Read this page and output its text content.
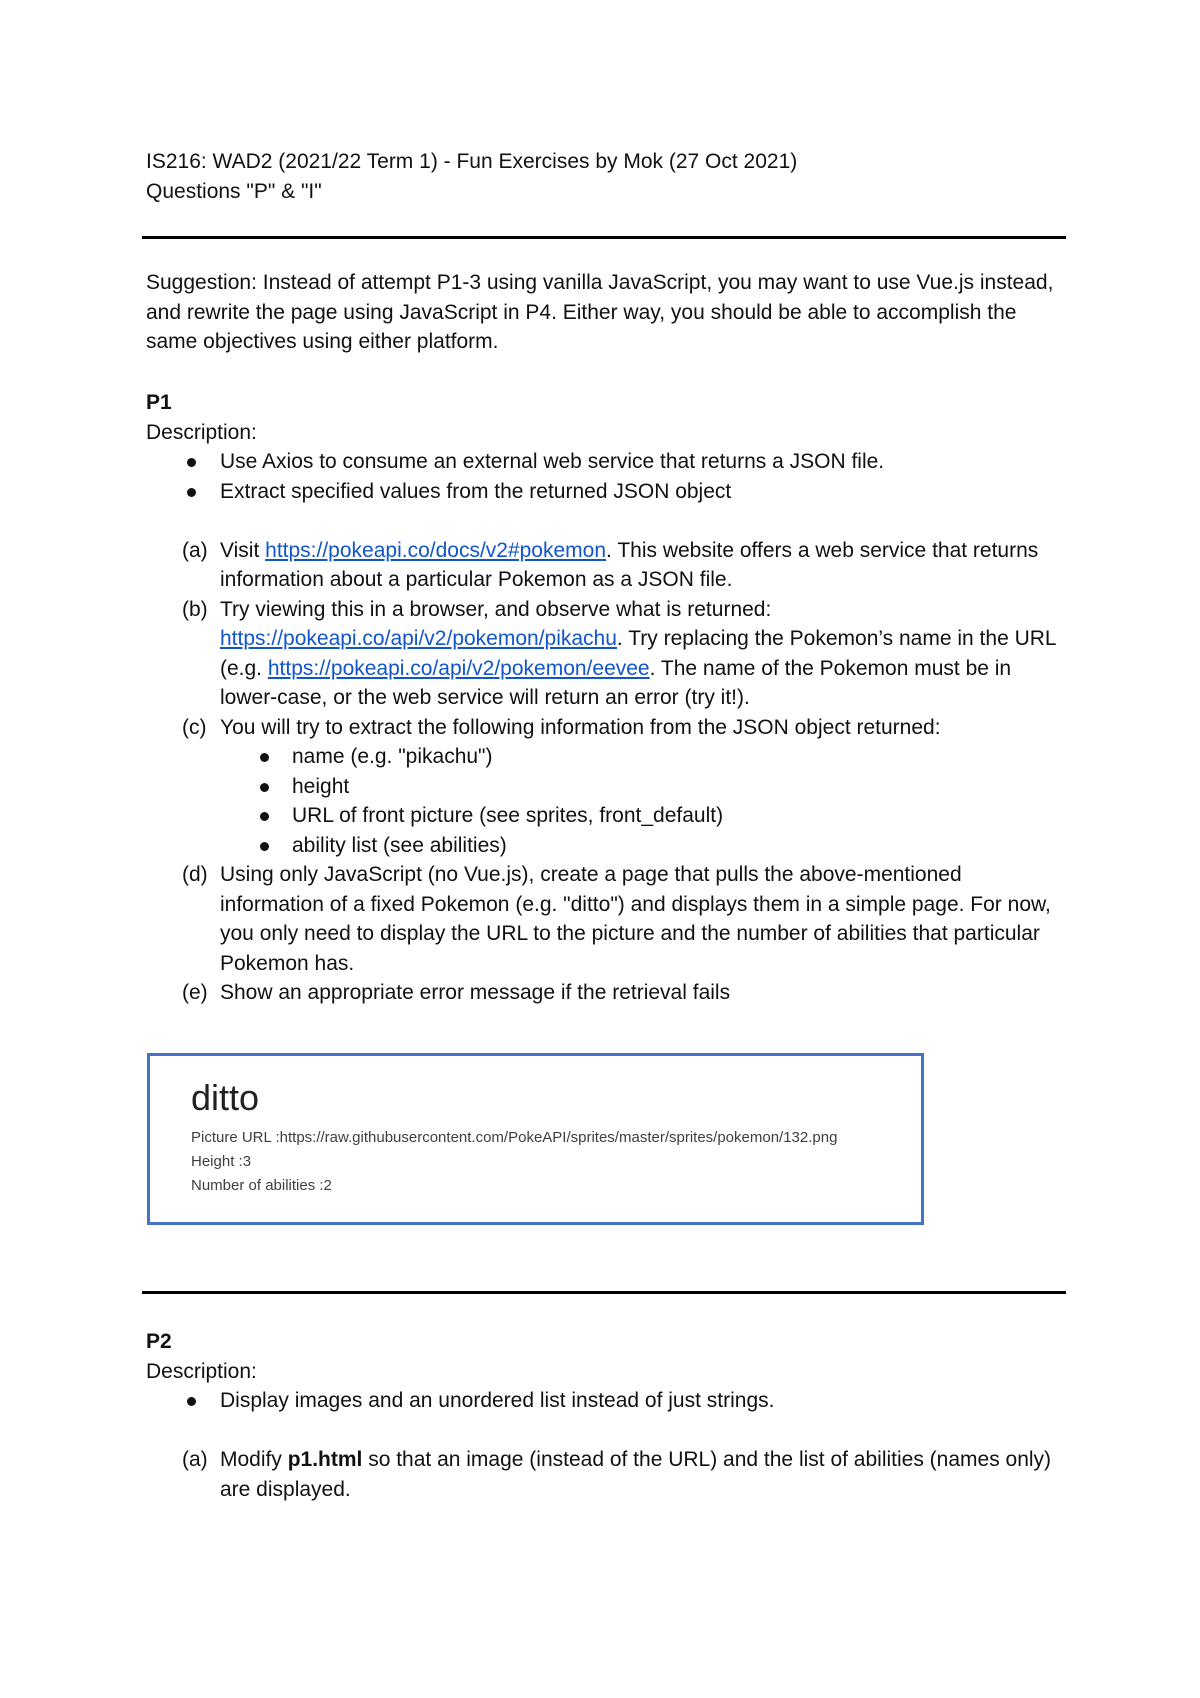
IS216: WAD2 (2021/22 Term 1) - Fun Exercises by Mok (27 Oct 2021)
Questions "P" & "I"
Suggestion: Instead of attempt P1-3 using vanilla JavaScript, you may want to use Vue.js instead, and rewrite the page using JavaScript in P4. Either way, you should be able to accomplish the same objectives using either platform.
P1
Description:
Use Axios to consume an external web service that returns a JSON file.
Extract specified values from the returned JSON object
(a) Visit https://pokeapi.co/docs/v2#pokemon. This website offers a web service that returns information about a particular Pokemon as a JSON file.
(b) Try viewing this in a browser, and observe what is returned: https://pokeapi.co/api/v2/pokemon/pikachu. Try replacing the Pokemon’s name in the URL (e.g. https://pokeapi.co/api/v2/pokemon/eevee. The name of the Pokemon must be in lower-case, or the web service will return an error (try it!).
(c) You will try to extract the following information from the JSON object returned:
name (e.g. "pikachu")
height
URL of front picture (see sprites, front_default)
ability list (see abilities)
(d) Using only JavaScript (no Vue.js), create a page that pulls the above-mentioned information of a fixed Pokemon (e.g. "ditto") and displays them in a simple page. For now, you only need to display the URL to the picture and the number of abilities that particular Pokemon has.
(e) Show an appropriate error message if the retrieval fails
ditto
Picture URL :https://raw.githubusercontent.com/PokeAPI/sprites/master/sprites/pokemon/132.png
Height :3
Number of abilities :2
P2
Description:
Display images and an unordered list instead of just strings.
(a) Modify p1.html so that an image (instead of the URL) and the list of abilities (names only) are displayed.
